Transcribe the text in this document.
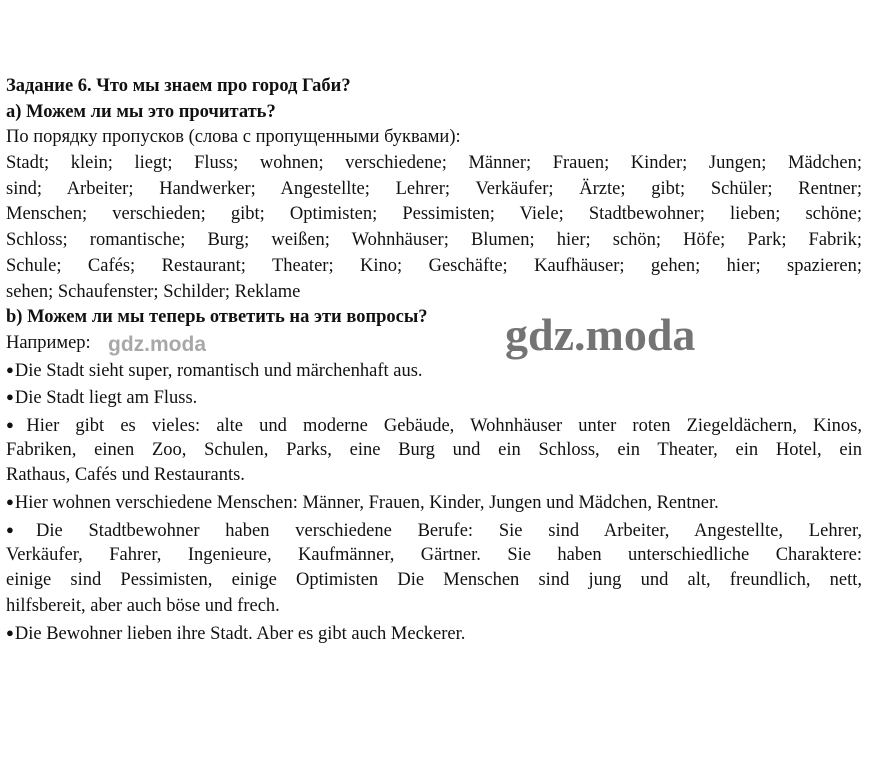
Задание 6. Что мы знаем про город Габи?
a) Можем ли мы это прочитать?
По порядку пропусков (слова с пропущенными буквами):
Stadt; klein; liegt; Fluss; wohnen; verschiedene; Männer; Frauen; Kinder; Jungen; Mädchen;
sind; Arbeiter; Handwerker; Angestellte; Lehrer; Verkäufer; Ärzte; gibt; Schüler; Rentner;
Menschen; verschieden; gibt; Optimisten; Pessimisten; Viele; Stadtbewohner; lieben; schöne;
Schloss; romantische; Burg; weißen; Wohnhäuser; Blumen; hier; schön; Höfe; Park; Fabrik;
Schule; Cafés; Restaurant; Theater; Kino; Geschäfte; Kaufhäuser; gehen; hier; spazieren;
sehen; Schaufenster; Schilder; Reklame
b) Можем ли мы теперь ответить на эти вопросы?
Например:
●Die Stadt sieht super, romantisch und märchenhaft aus.
●Die Stadt liegt am Fluss.
●Hier gibt es vieles: alte und moderne Gebäude, Wohnhäuser unter roten Ziegeldächern, Kinos,
Fabriken, einen Zoo, Schulen, Parks, eine Burg und ein Schloss, ein Theater, ein Hotel, ein
Rathaus, Cafés und Restaurants.
●Hier wohnen verschiedene Menschen: Männer, Frauen, Kinder, Jungen und Mädchen, Rentner.
●Die Stadtbewohner haben verschiedene Berufe: Sie sind Arbeiter, Angestellte, Lehrer,
Verkäufer, Fahrer, Ingenieure, Kaufmänner, Gärtner. Sie haben unterschiedliche Charaktere:
einige sind Pessimisten, einige Optimisten Die Menschen sind jung und alt, freundlich, nett,
hilfsbereit, aber auch böse und frech.
●Die Bewohner lieben ihre Stadt. Aber es gibt auch Meckerer.
gdz.moda	gdz.moda
